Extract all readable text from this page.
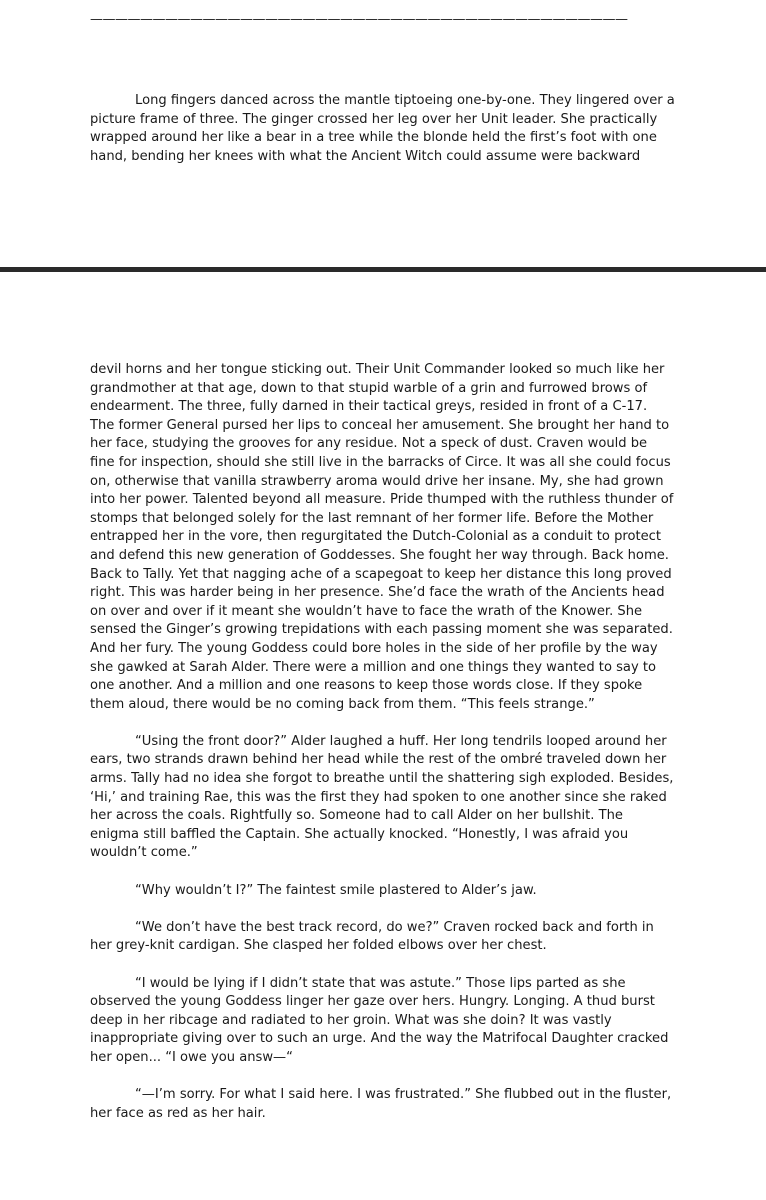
———————————————————————————————————————————

Long fingers danced across the mantle tiptoeing one-by-one. They lingered over a picture frame of three. The ginger crossed her leg over her Unit leader. She practically wrapped around her like a bear in a tree while the blonde held the first’s foot with one hand, bending her knees with what the Ancient Witch could assume were backward

devil horns and her tongue sticking out. Their Unit Commander looked so much like her grandmother at that age, down to that stupid warble of a grin and furrowed brows of endearment. The three, fully darned in their tactical greys, resided in front of a C-17. The former General pursed her lips to conceal her amusement. She brought her hand to her face, studying the grooves for any residue. Not a speck of dust. Craven would be fine for inspection, should she still live in the barracks of Circe. It was all she could focus on, otherwise that vanilla strawberry aroma would drive her insane. My, she had grown into her power. Talented beyond all measure. Pride thumped with the ruthless thunder of stomps that belonged solely for the last remnant of her former life. Before the Mother entrapped her in the vore, then regurgitated the Dutch-Colonial as a conduit to protect and defend this new generation of Goddesses. She fought her way through. Back home. Back to Tally. Yet that nagging ache of a scapegoat to keep her distance this long proved right. This was harder being in her presence. She’d face the wrath of the Ancients head on over and over if it meant she wouldn’t have to face the wrath of the Knower. She sensed the Ginger’s growing trepidations with each passing moment she was separated. And her fury. The young Goddess could bore holes in the side of her profile by the way she gawked at Sarah Alder. There were a million and one things they wanted to say to one another. And a million and one reasons to keep those words close. If they spoke them aloud, there would be no coming back from them. “This feels strange.”

“Using the front door?” Alder laughed a huff. Her long tendrils looped around her ears, two strands drawn behind her head while the rest of the ombré traveled down her arms. Tally had no idea she forgot to breathe until the shattering sigh exploded. Besides, ‘Hi,’ and training Rae, this was the first they had spoken to one another since she raked her across the coals. Rightfully so. Someone had to call Alder on her bullshit. The enigma still baffled the Captain. She actually knocked. “Honestly, I was afraid you wouldn’t come.”

“Why wouldn’t I?” The faintest smile plastered to Alder’s jaw.

“We don’t have the best track record, do we?” Craven rocked back and forth in her grey-knit cardigan. She clasped her folded elbows over her chest.

“I would be lying if I didn’t state that was astute.” Those lips parted as she observed the young Goddess linger her gaze over hers. Hungry. Longing. A thud burst deep in her ribcage and radiated to her groin. What was she doin? It was vastly inappropriate giving over to such an urge. And the way the Matrifocal Daughter cracked her open... “I owe you answ—“

“—I’m sorry. For what I said here. I was frustrated.” She flubbed out in the fluster, her face as red as her hair.
